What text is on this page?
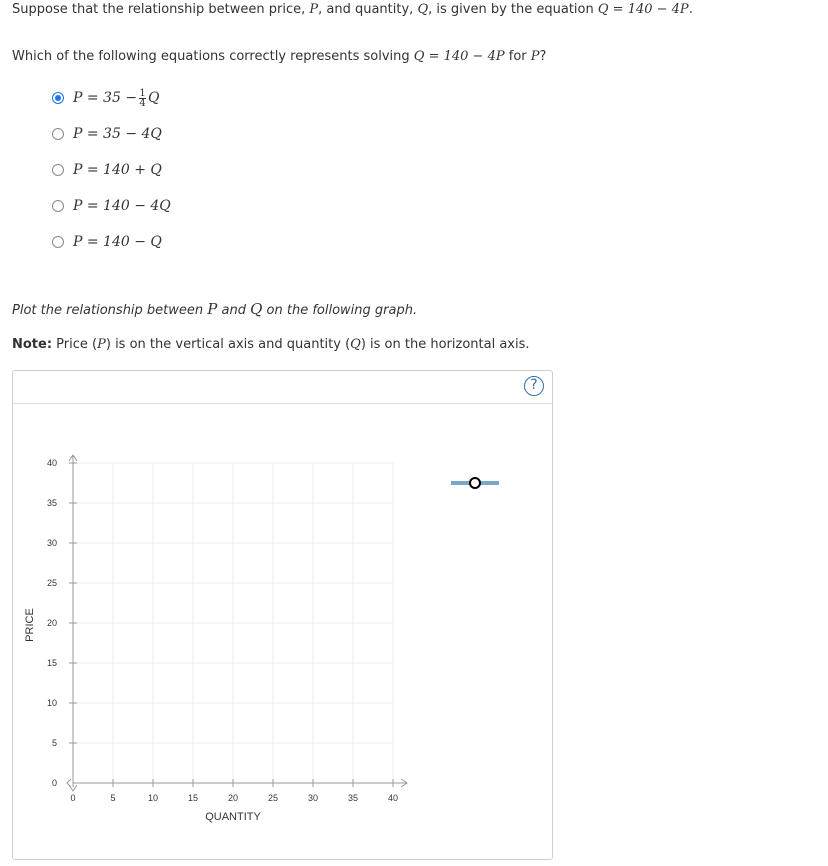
Suppose that the relationship between price, P, and quantity, Q, is given by the equation Q = 140 − 4P.
Which of the following equations correctly represents solving Q = 140 − 4P for P?
$P = 35 - \frac{1}{4}$ Q
P = 35 − 4Q
P = 140 + Q
P = 140 − 4Q
P = 140 − Q
Plot the relationship between P and Q on the following graph.
Note: Price (P) is on the vertical axis and quantity (Q) is on the horizontal axis.
?
0	5	10	15	20	25	30	35	40
0
5
10
15
20
25
30
35
40
QUANTITY
PRICE
